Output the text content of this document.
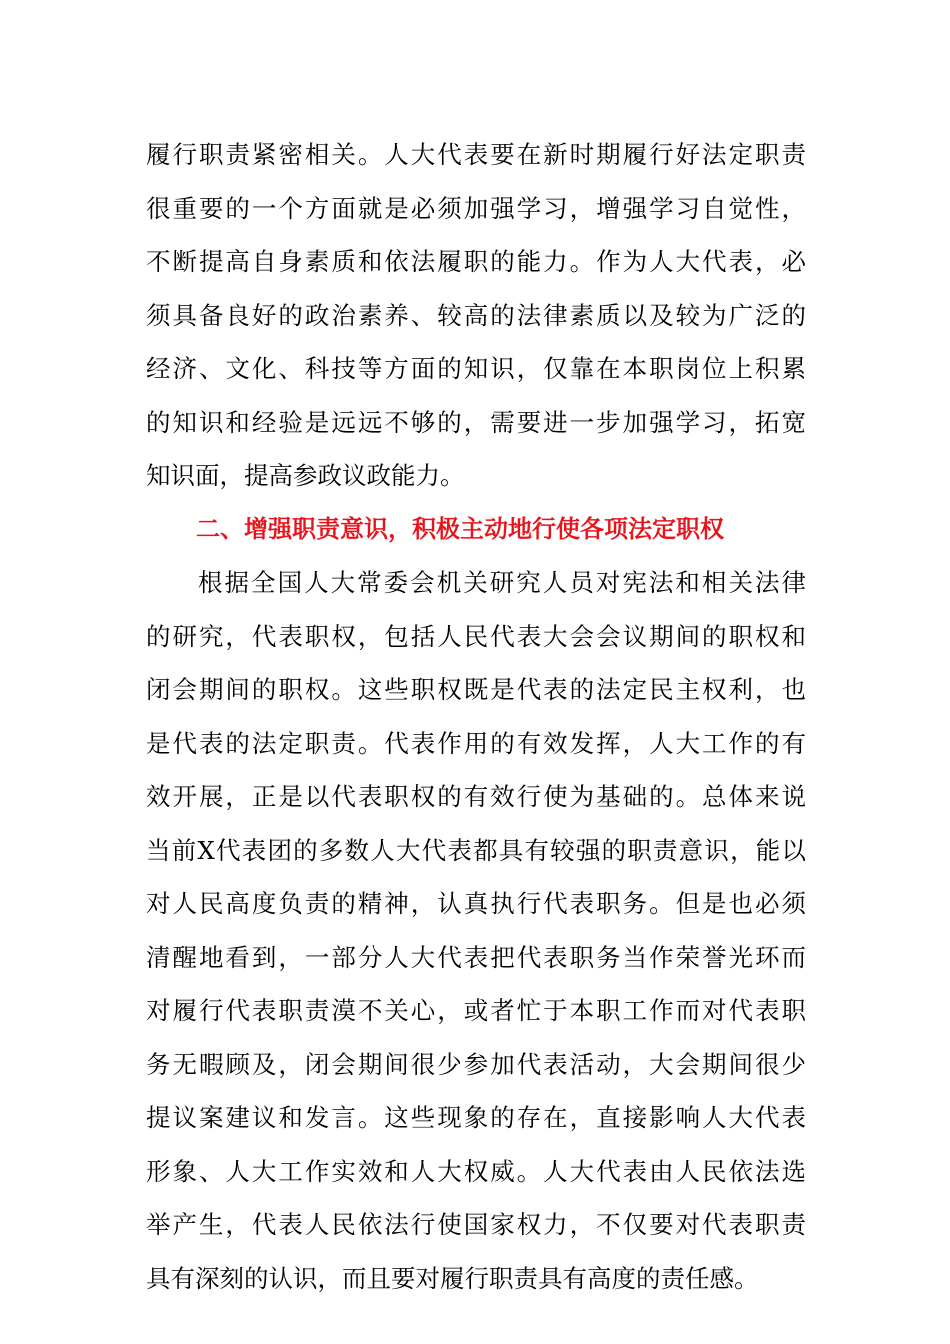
履行职责紧密相关。人大代表要在新时期履行好法定职责
很重要的一个方面就是必须加强学习，增强学习自觉性，
不断提高自身素质和依法履职的能力。作为人大代表，必
须具备良好的政治素养、较高的法律素质以及较为广泛的
经济、文化、科技等方面的知识，仅靠在本职岗位上积累
的知识和经验是远远不够的，需要进一步加强学习，拓宽
知识面，提高参政议政能力。
二、增强职责意识，积极主动地行使各项法定职权
根据全国人大常委会机关研究人员对宪法和相关法律
的研究，代表职权，包括人民代表大会会议期间的职权和
闭会期间的职权。这些职权既是代表的法定民主权利，也
是代表的法定职责。代表作用的有效发挥，人大工作的有
效开展，正是以代表职权的有效行使为基础的。总体来说
当前X代表团的多数人大代表都具有较强的职责意识，能以
对人民高度负责的精神，认真执行代表职务。但是也必须
清醒地看到，一部分人大代表把代表职务当作荣誉光环而
对履行代表职责漠不关心，或者忙于本职工作而对代表职
务无暇顾及，闭会期间很少参加代表活动，大会期间很少
提议案建议和发言。这些现象的存在，直接影响人大代表
形象、人大工作实效和人大权威。人大代表由人民依法选
举产生，代表人民依法行使国家权力，不仅要对代表职责
具有深刻的认识，而且要对履行职责具有高度的责任感。
